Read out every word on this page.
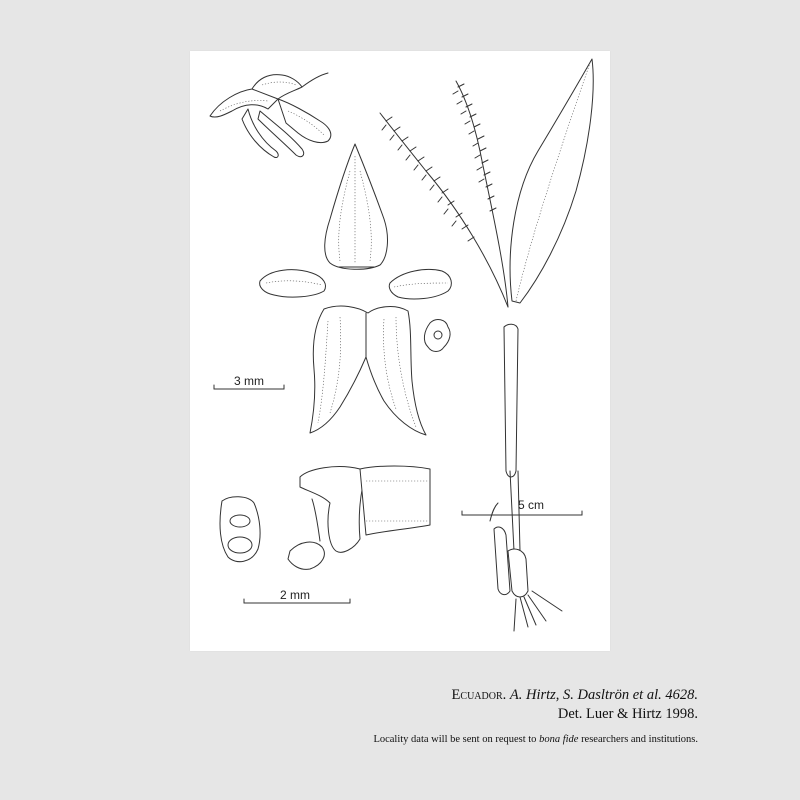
3 mm
2 mm
5 cm
Ecuador. A. Hirtz, S. Dasltrön et al. 4628.
Det. Luer & Hirtz 1998.
Locality data will be sent on request to bona fide researchers and institutions.
